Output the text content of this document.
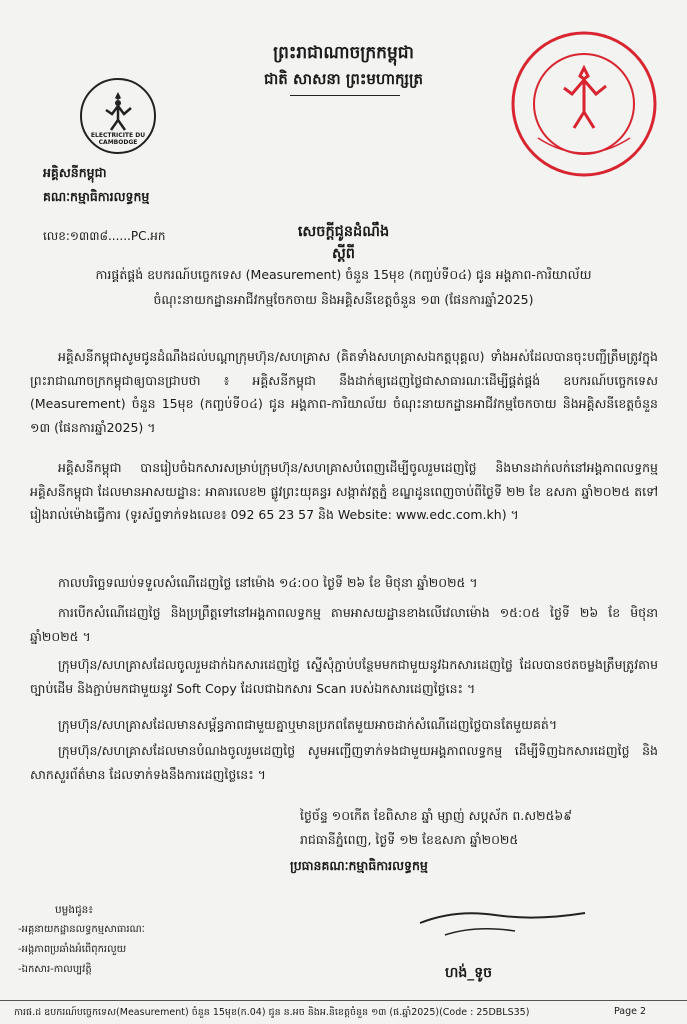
ព្រះរាជាណាចក្រកម្ពុជា
ជាតិ សាសនា ព្រះមហាក្សត្រ
ELECTRICITE DU CAMBODGE
អគ្គិសនីកម្ពុជា
គណៈកម្មាធិការលទ្ធកម្ម
លេខ:១៣៣៨......PC.អក	សេចក្តីជូនដំណឹង
ស្តីពី
ការផ្គត់ផ្គង់ ឧបករណ៍បច្ចេកទេស (Measurement) ចំនួន 15មុខ (កញ្ចប់ទី០៤) ជូន អង្គភាព-ការិយាល័យ
ចំណុះនាយកដ្ឋានអាជីវកម្មចែកចាយ និងអគ្គិសនីខេត្តចំនួន ១៣ (ផែនការឆ្នាំ2025)
អគ្គិសនីកម្ពុជាសូមជូនដំណឹងដល់បណ្តាក្រុមហ៊ុន/សហគ្រាស (គិតទាំងសហគ្រាសឯកត្តបុគ្គល) ទាំងអស់ដែលបានចុះបញ្ជីត្រឹមត្រូវក្នុងព្រះរាជាណាចក្រកម្ពុជាឲ្យបានជ្រាបថា ៖ អគ្គិសនីកម្ពុជា នឹងដាក់ឲ្យដេញថ្លៃជាសាធារណៈដើម្បីផ្គត់ផ្គង់ ឧបករណ៍បច្ចេកទេស (Measurement) ចំនួន 15មុខ (កញ្ចប់ទី០៤) ជូន អង្គភាព-ការិយាល័យ ចំណុះនាយកដ្ឋានអាជីវកម្មចែកចាយ និងអគ្គិសនីខេត្តចំនួន ១៣ (ផែនការឆ្នាំ2025) ។
អគ្គិសនីកម្ពុជា បានរៀបចំឯកសារសម្រាប់ក្រុមហ៊ុន/សហគ្រាសបំពេញដើម្បីចូលរួមដេញថ្លៃ និងមានដាក់លក់នៅអង្គភាពលទ្ធកម្មអគ្គិសនីកម្ពុជា ដែលមានអាសយដ្ឋាន: អាគារលេខ២ ផ្លូវព្រះយុគន្ធរ សង្កាត់វត្តភ្នំ ខណ្ឌដូនពេញចាប់ពីថ្ងៃទី ២២ ខែ ឧសភា ឆ្នាំ២០២៥ តទៅរៀងរាល់ម៉ោងធ្វើការ (ទូរស័ព្ទទាក់ទងលេខ៖ 092 65 23 57 និង Website: www.edc.com.kh) ។
កាលបរិច្ឆេទឈប់ទទួលសំណើដេញថ្លៃ នៅម៉ោង ១៤:០០ ថ្ងៃទី ២៦ ខែ មិថុនា ឆ្នាំ២០២៥ ។
ការបើកសំណើដេញថ្លៃ និងប្រព្រឹត្តទៅនៅអង្គភាពលទ្ធកម្ម តាមអាសយដ្ឋានខាងលើវេលាម៉ោង ១៥:០៥ ថ្ងៃទី ២៦ ខែ មិថុនា ឆ្នាំ២០២៥ ។
ក្រុមហ៊ុន/សហគ្រាសដែលចូលរួមដាក់ឯកសារដេញថ្លៃ ស្នើសុំភ្ជាប់បន្ថែមមកជាមួយនូវឯកសារដេញថ្លៃ ដែលបានថតចម្លងត្រឹមត្រូវតាមច្បាប់ដើម និងភ្ជាប់មកជាមួយនូវ Soft Copy ដែលជាឯកសារ Scan របស់ឯកសារដេញថ្លៃនេះ ។
ក្រុមហ៊ុន/សហគ្រាសដែលមានសម្ព័ន្ធភាពជាមួយគ្នាឬមានប្រភពតែមួយអាចដាក់សំណើដេញថ្លៃបានតែមួយគត់។
ក្រុមហ៊ុន/សហគ្រាសដែលមានបំណងចូលរួមដេញថ្លៃ សូមអញ្ជើញទាក់ទងជាមួយអង្គភាពលទ្ធកម្ម ដើម្បីទិញឯកសារដេញថ្លៃ និងសាកសួរព័ត៌មាន ដែលទាក់ទងនឹងការដេញថ្លៃនេះ ។
ថ្ងៃច័ន្ទ ១០កើត ខែពិសាខ ឆ្នាំ ម្សាញ់ សប្តស័ក ព.ស២៥៦៩
រាជធានីភ្នំពេញ, ថ្ងៃទី ១២ ខែឧសភា ឆ្នាំ២០២៥
ប្រធានគណៈកម្មាធិការលទ្ធកម្ម
ហង់_ទូច
បម្លងជូន៖
-អគ្គនាយកដ្ឋានលទ្ធកម្មសាធារណៈ
-អង្គភាពប្រឆាំងអំពើពុករលួយ
-ឯកសារ-កាលប្បវត្តិ
ការផ.ដ ឧបករណ៍បច្ចេកទេស(Measurement) ចំនួន 15មុខ(ក.04) ជូន ន.អច និងអ.និខេត្តចំនួន ១៣ (ផ.ឆ្នាំ2025)(Code : 25DBLS35)	Page 2
